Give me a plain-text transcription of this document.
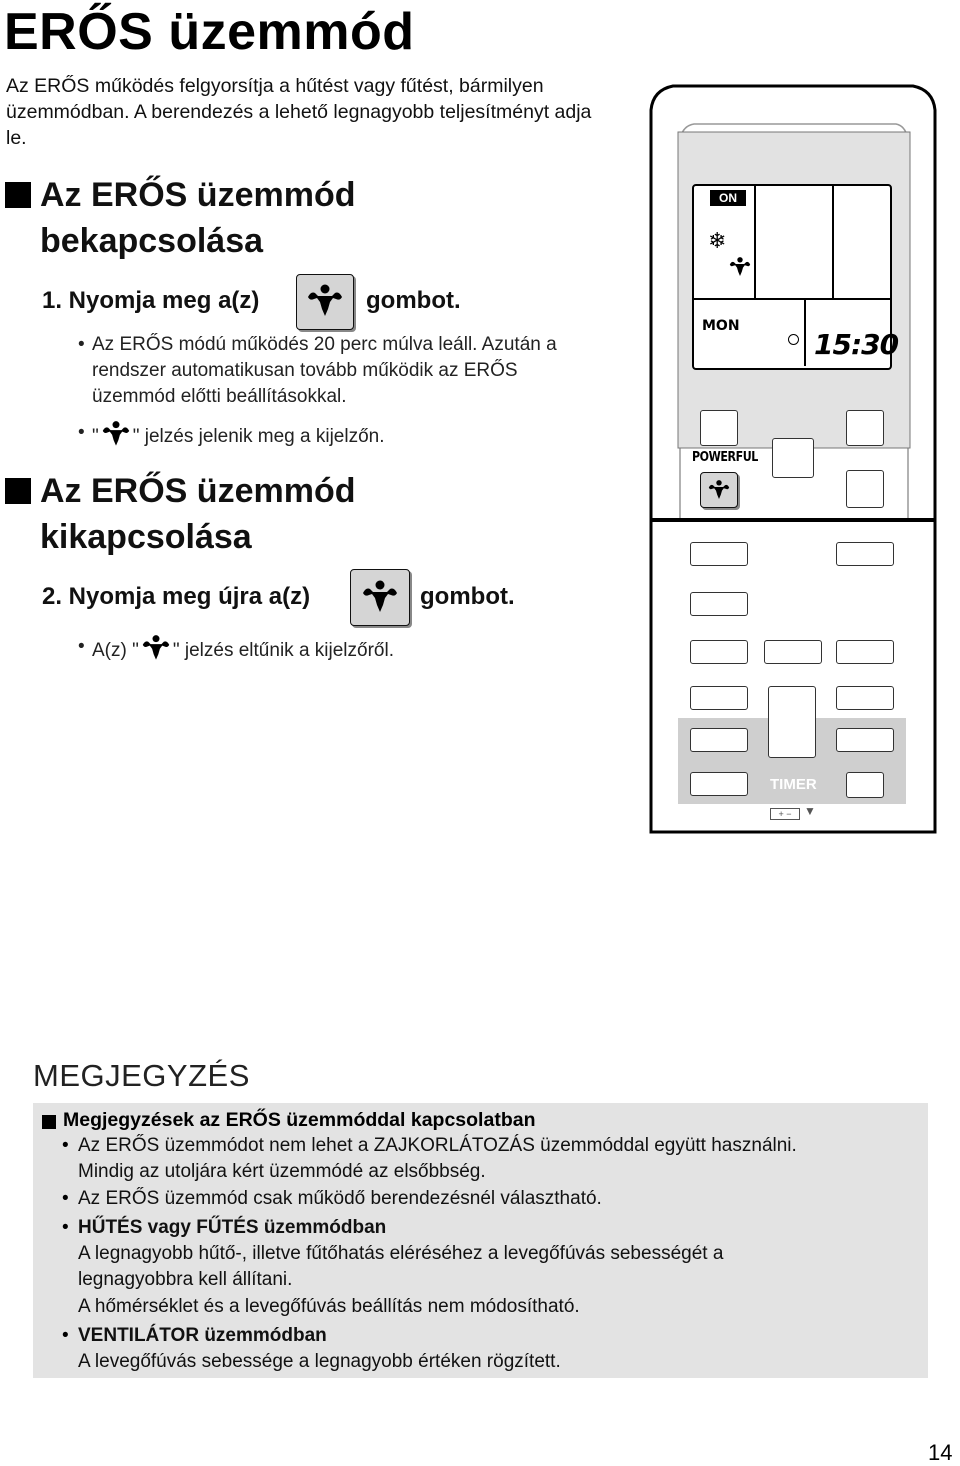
ERŐS üzemmód
Az ERŐS működés felgyorsítja a hűtést vagy fűtést, bármilyen üzemmódban. A berendezés a lehető legnagyobb teljesítményt adja le.
Az ERŐS üzemmód
bekapcsolása
1. Nyomja meg a(z)	gombot.
• Az ERŐS módú működés 20 perc múlva leáll. Azután a rendszer automatikusan tovább működik az ERŐS üzemmód előtti beállításokkal.
• " " jelzés jelenik meg a kijelzőn.
Az ERŐS üzemmód
kikapcsolása
2. Nyomja meg újra a(z)	gombot.
• A(z) " " jelzés eltűnik a kijelzőről.
ON
❄
MON
15:30
POWERFUL
TIMER
+ −	▼
MEGJEGYZÉS
Megjegyzések az ERŐS üzemmóddal kapcsolatban
• Az ERŐS üzemmódot nem lehet a ZAJKORLÁTOZÁS üzemmóddal együtt használni.
Mindig az utoljára kért üzemmódé az elsőbbség.
• Az ERŐS üzemmód csak működő berendezésnél választható.
• HŰTÉS vagy FŰTÉS üzemmódban
A legnagyobb hűtő-, illetve fűtőhatás eléréséhez a levegőfúvás sebességét a
legnagyobbra kell állítani.
A hőmérséklet és a levegőfúvás beállítás nem módosítható.
• VENTILÁTOR üzemmódban
A levegőfúvás sebessége a legnagyobb értéken rögzített.
14
